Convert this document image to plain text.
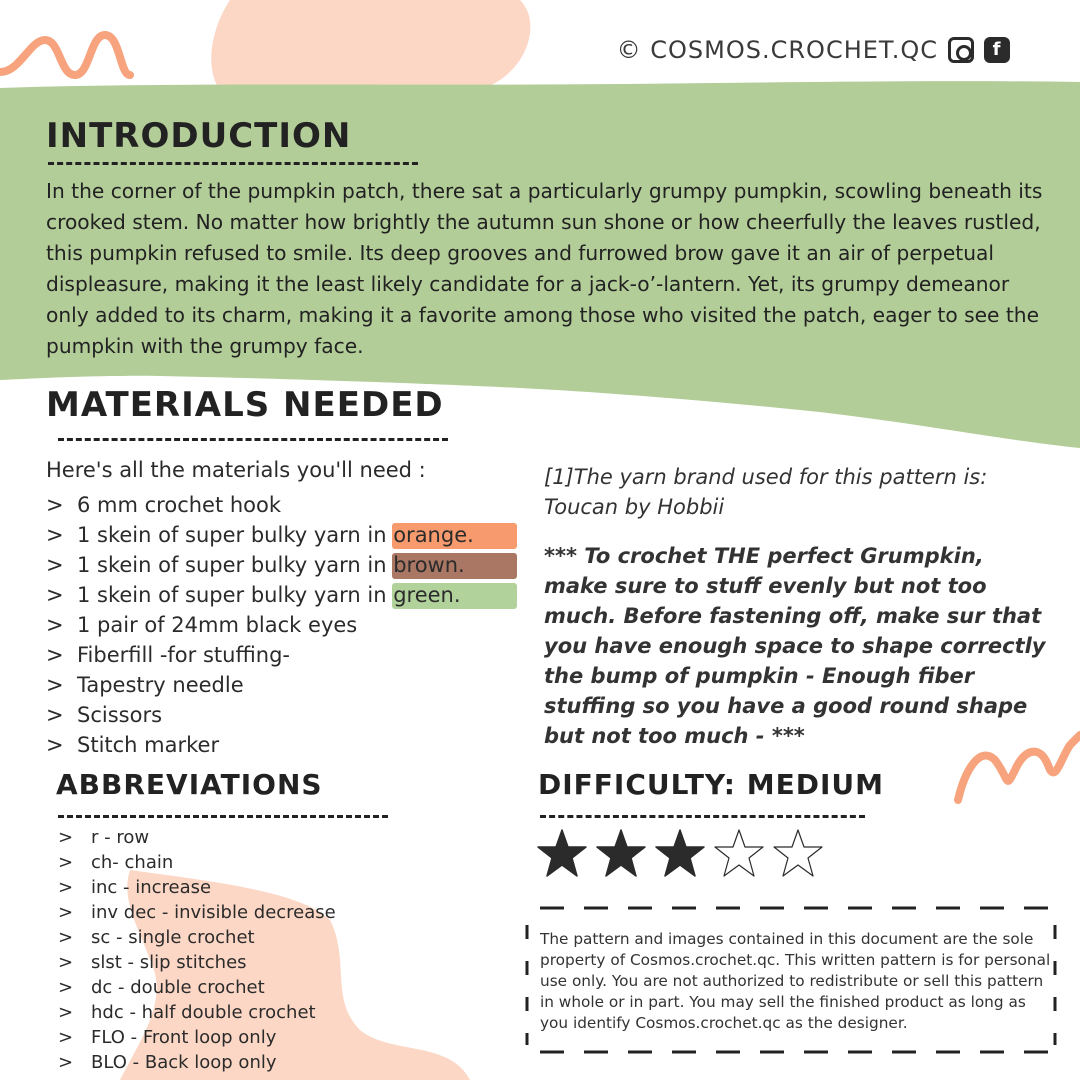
© COSMOS.CROCHET.QC	f
INTRODUCTION
In the corner of the pumpkin patch, there sat a particularly grumpy pumpkin, scowling beneath its crooked stem. No matter how brightly the autumn sun shone or how cheerfully the leaves rustled, this pumpkin refused to smile. Its deep grooves and furrowed brow gave it an air of perpetual displeasure, making it the least likely candidate for a jack-o’-lantern. Yet, its grumpy demeanor only added to its charm, making it a favorite among those who visited the patch, eager to see the pumpkin with the grumpy face.
MATERIALS NEEDED
Here's all the materials you'll need :
> 6 mm crochet hook
> 1 skein of super bulky yarn in orange.
> 1 skein of super bulky yarn in brown.
> 1 skein of super bulky yarn in green.
> 1 pair of 24mm black eyes
> Fiberfill -for stuffing-
> Tapestry needle
> Scissors
> Stitch marker
[1]The yarn brand used for this pattern is: Toucan by Hobbii
*** To crochet THE perfect Grumpkin, make sure to stuff evenly but not too much. Before fastening off, make sur that you have enough space to shape correctly the bump of pumpkin - Enough fiber stuffing so you have a good round shape but not too much - ***
ABBREVIATIONS
> r - row
> ch- chain
> inc - increase
> inv dec - invisible decrease
> sc - single crochet
> slst - slip stitches
> dc - double crochet
> hdc - half double crochet
> FLO - Front loop only
> BLO - Back loop only
DIFFICULTY: MEDIUM
The pattern and images contained in this document are the sole property of Cosmos.crochet.qc. This written pattern is for personal use only. You are not authorized to redistribute or sell this pattern in whole or in part. You may sell the finished product as long as you identify Cosmos.crochet.qc as the designer.
